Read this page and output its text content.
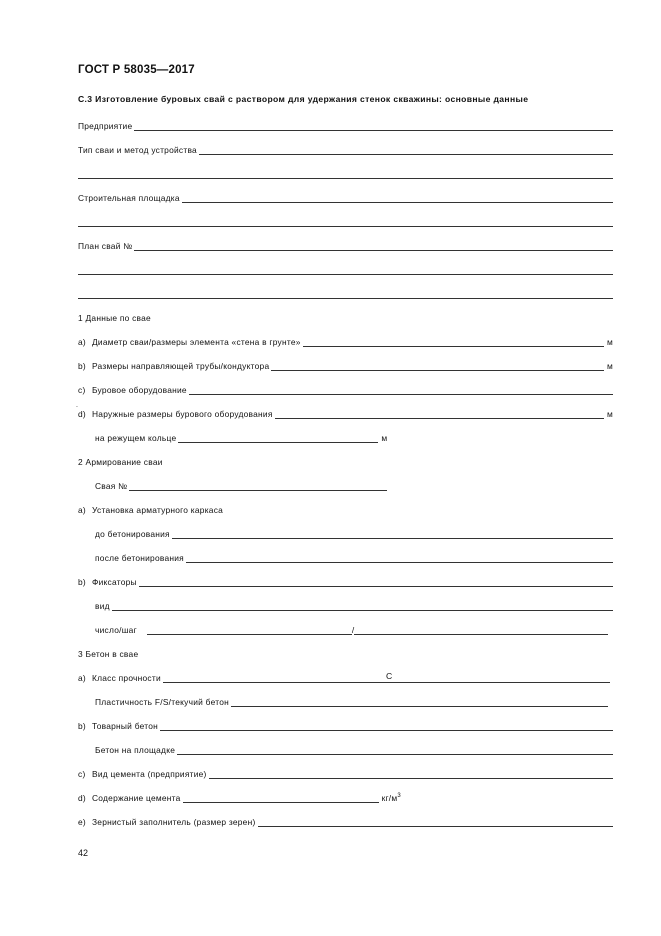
ГОСТ Р 58035—2017
С.3 Изготовление буровых свай с раствором для удержания стенок скважины: основные данные
Предприятие
Тип сваи и метод устройства
Строительная площадка
План свай №
1 Данные по свае
a) Диаметр сваи/размеры элемента «стена в грунте»	м
b) Размеры направляющей трубы/кондуктора	м
c) Буровое оборудование
.
d) Наружные размеры бурового оборудования	м
на режущем кольце	м
2 Армирование сваи
Свая №
a) Установка арматурного каркаса
до бетонирования
после бетонирования
b) Фиксаторы
вид
число/шаг	/
3 Бетон в свае
C
a) Класс прочности
Пластичность F/S/текучий бетон
b) Товарный бетон
Бетон на площадке
c) Вид цемента (предприятие)
d) Содержание цемента	$кг/м^3$
e) Зернистый заполнитель (размер зерен)
42
